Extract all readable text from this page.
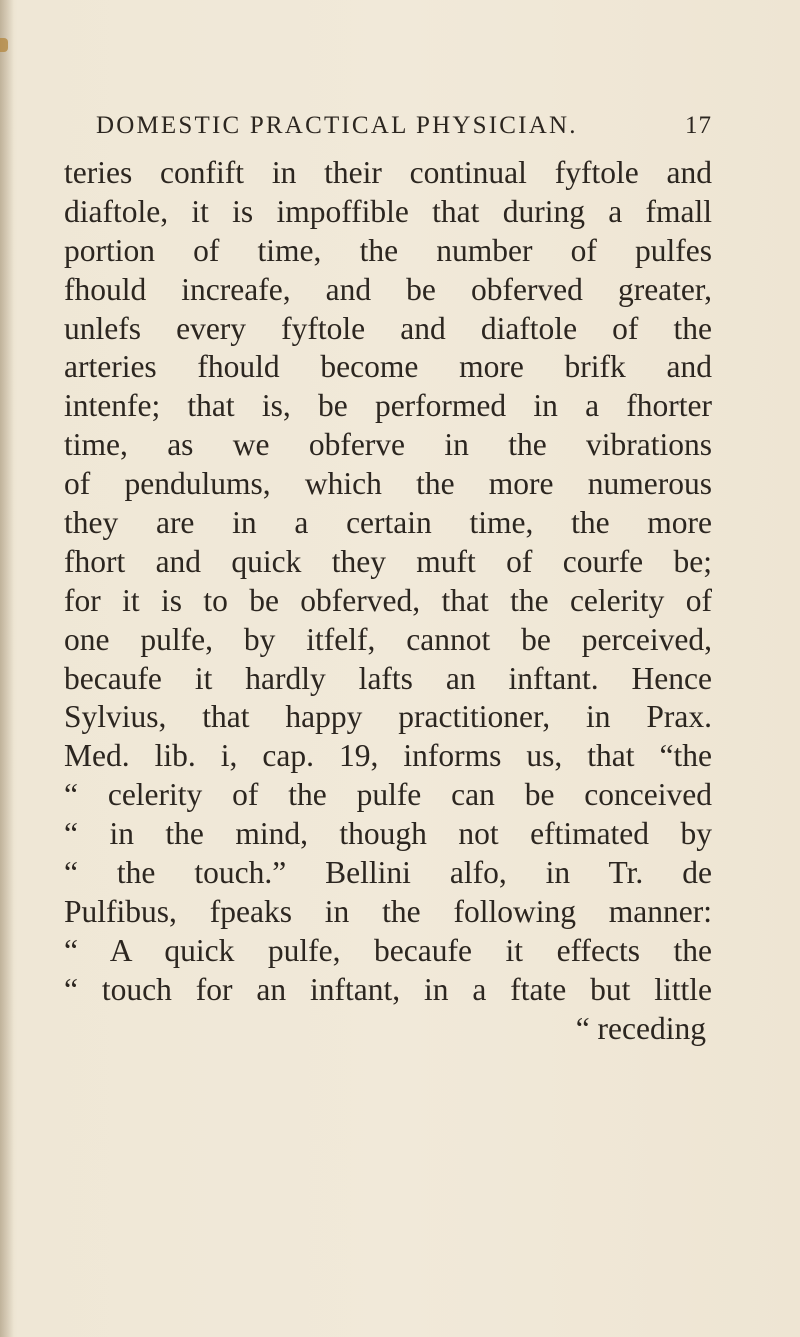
DOMESTIC PRACTICAL PHYSICIAN.	17
teries confift in their continual fyftole and
diaftole, it is impoffible that during a fmall
portion of time, the number of pulfes
fhould increafe, and be obferved greater,
unlefs every fyftole and diaftole of the
arteries fhould become more brifk and
intenfe; that is, be performed in a fhorter
time, as we obferve in the vibrations
of pendulums, which the more numerous
they are in a certain time, the more
fhort and quick they muft of courfe be;
for it is to be obferved, that the celerity of
one pulfe, by itfelf, cannot be perceived,
becaufe it hardly lafts an inftant. Hence
Sylvius, that happy practitioner, in Prax.
Med. lib. i, cap. 19, informs us, that “the
“ celerity of the pulfe can be conceived
“ in the mind, though not eftimated by
“ the touch.” Bellini alfo, in Tr. de
Pulfibus, fpeaks in the following manner:
“ A quick pulfe, becaufe it effects the
“ touch for an inftant, in a ftate but little
“ receding
